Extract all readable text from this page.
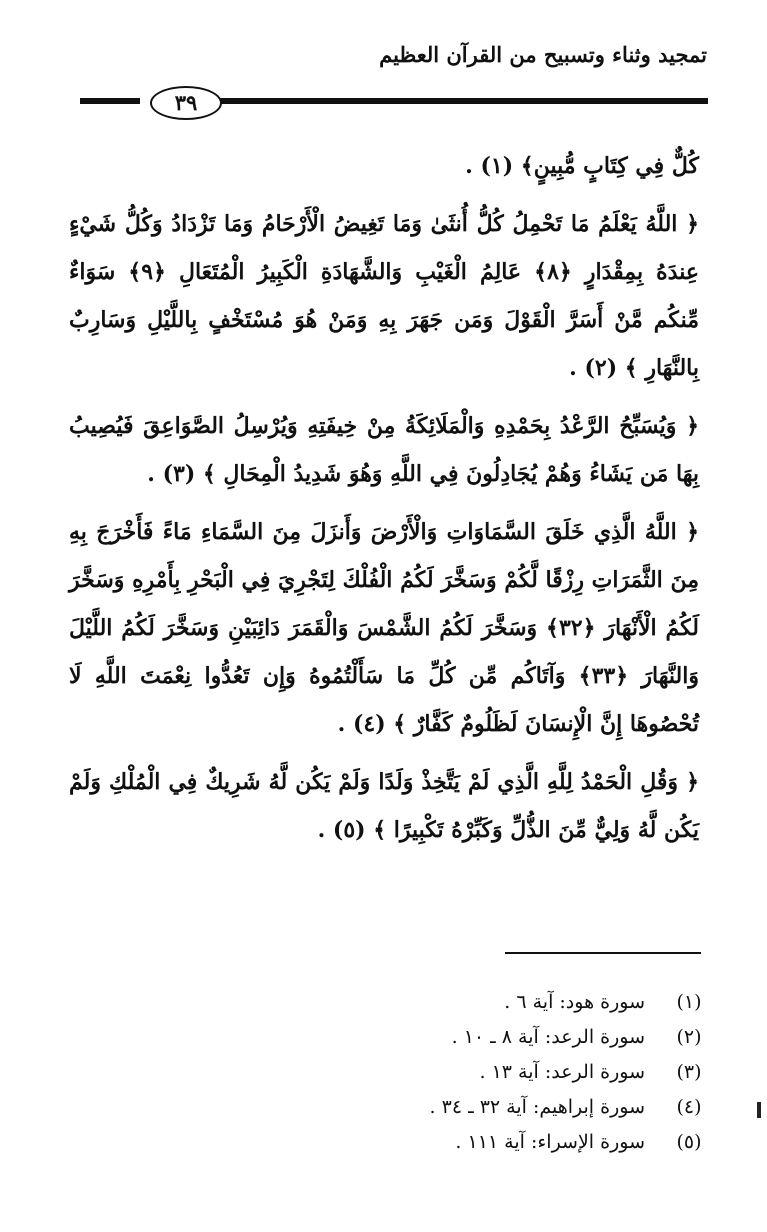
تمجيد وثناء وتسبيح من القرآن العظيم
٣٩

كُلٌّ فِي كِتَابٍ مُّبِينٍ﴾ (١) .

﴿ اللَّهُ يَعْلَمُ مَا تَحْمِلُ كُلُّ أُنثَىٰ وَمَا تَغِيضُ الْأَرْحَامُ وَمَا تَزْدَادُ وَكُلُّ شَيْءٍ عِندَهُ بِمِقْدَارٍ ﴿٨﴾ عَالِمُ الْغَيْبِ وَالشَّهَادَةِ الْكَبِيرُ الْمُتَعَالِ ﴿٩﴾ سَوَاءٌ مِّنكُم مَّنْ أَسَرَّ الْقَوْلَ وَمَن جَهَرَ بِهِ وَمَنْ هُوَ مُسْتَخْفٍ بِاللَّيْلِ وَسَارِبٌ بِالنَّهَارِ ﴾ (٢) .

﴿ وَيُسَبِّحُ الرَّعْدُ بِحَمْدِهِ وَالْمَلَائِكَةُ مِنْ خِيفَتِهِ وَيُرْسِلُ الصَّوَاعِقَ فَيُصِيبُ بِهَا مَن يَشَاءُ وَهُمْ يُجَادِلُونَ فِي اللَّهِ وَهُوَ شَدِيدُ الْمِحَالِ ﴾ (٣) .

﴿ اللَّهُ الَّذِي خَلَقَ السَّمَاوَاتِ وَالْأَرْضَ وَأَنزَلَ مِنَ السَّمَاءِ مَاءً فَأَخْرَجَ بِهِ مِنَ الثَّمَرَاتِ رِزْقًا لَّكُمْ وَسَخَّرَ لَكُمُ الْفُلْكَ لِتَجْرِيَ فِي الْبَحْرِ بِأَمْرِهِ وَسَخَّرَ لَكُمُ الْأَنْهَارَ ﴿٣٢﴾ وَسَخَّرَ لَكُمُ الشَّمْسَ وَالْقَمَرَ دَائِبَيْنِ وَسَخَّرَ لَكُمُ اللَّيْلَ وَالنَّهَارَ ﴿٣٣﴾ وَآتَاكُم مِّن كُلِّ مَا سَأَلْتُمُوهُ وَإِن تَعُدُّوا نِعْمَتَ اللَّهِ لَا تُحْصُوهَا إِنَّ الْإِنسَانَ لَظَلُومٌ كَفَّارٌ ﴾ (٤) .

﴿ وَقُلِ الْحَمْدُ لِلَّهِ الَّذِي لَمْ يَتَّخِذْ وَلَدًا وَلَمْ يَكُن لَّهُ شَرِيكٌ فِي الْمُلْكِ وَلَمْ يَكُن لَّهُ وَلِيٌّ مِّنَ الذُّلِّ وَكَبِّرْهُ تَكْبِيرًا ﴾ (٥) .

(١)
سورة هود: آية ٦ .
(٢)
سورة الرعد: آية ٨ ـ ١٠ .
(٣)
سورة الرعد: آية ١٣ .
(٤)
سورة إبراهيم: آية ٣٢ ـ ٣٤ .
(٥)
سورة الإسراء: آية ١١١ .
